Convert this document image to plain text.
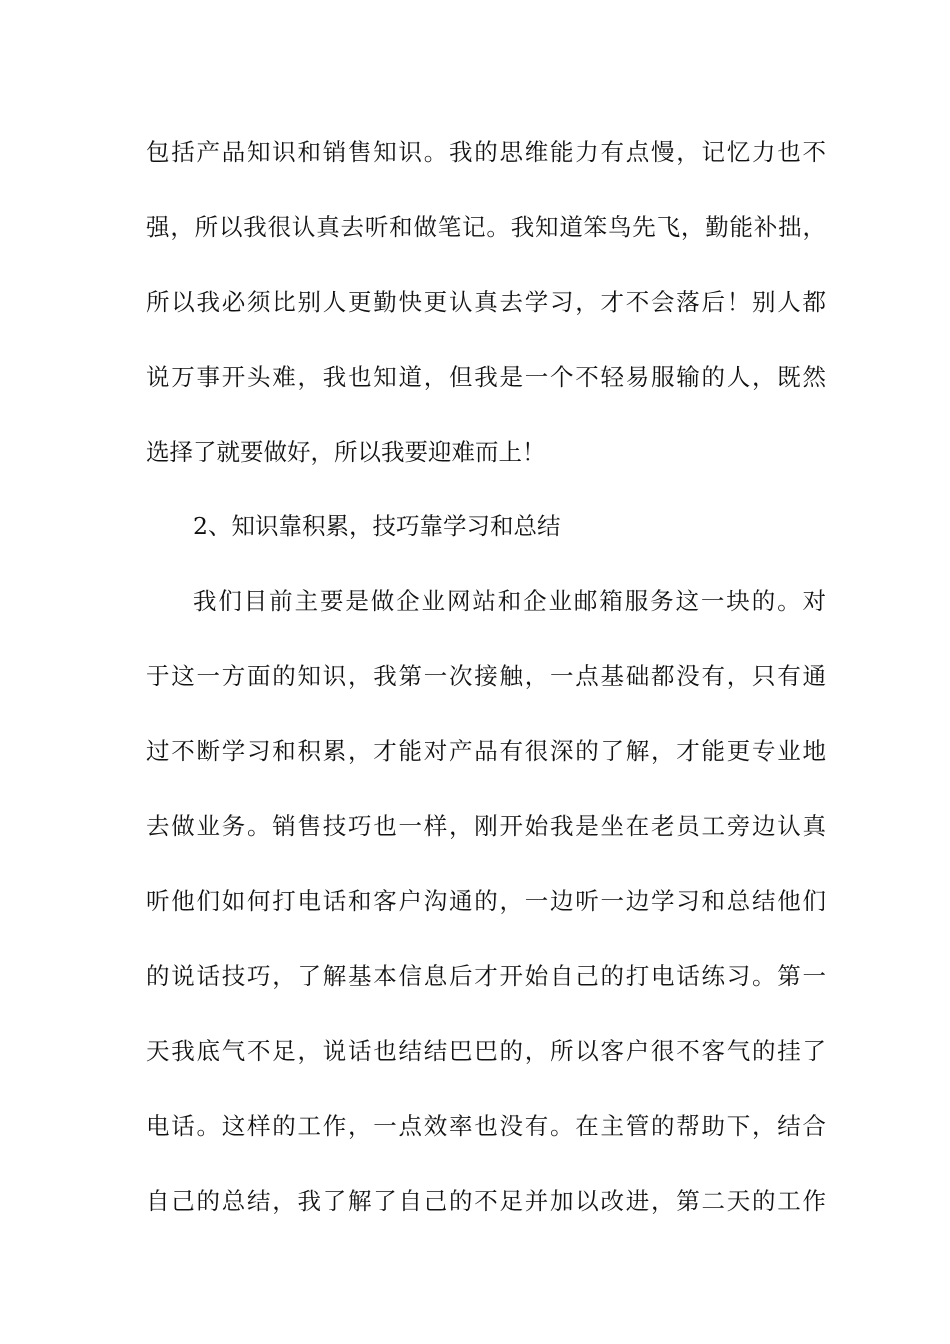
包括产品知识和销售知识。我的思维能力有点慢，记忆力也不
强，所以我很认真去听和做笔记。我知道笨鸟先飞，勤能补拙，
所以我必须比别人更勤快更认真去学习，才不会落后！别人都
说万事开头难，我也知道，但我是一个不轻易服输的人，既然
选择了就要做好，所以我要迎难而上！
2、知识靠积累，技巧靠学习和总结
我们目前主要是做企业网站和企业邮箱服务这一块的。对
于这一方面的知识，我第一次接触，一点基础都没有，只有通
过不断学习和积累，才能对产品有很深的了解，才能更专业地
去做业务。销售技巧也一样，刚开始我是坐在老员工旁边认真
听他们如何打电话和客户沟通的，一边听一边学习和总结他们
的说话技巧，了解基本信息后才开始自己的打电话练习。第一
天我底气不足，说话也结结巴巴的，所以客户很不客气的挂了
电话。这样的工作，一点效率也没有。在主管的帮助下，结合
自己的总结，我了解了自己的不足并加以改进，第二天的工作
